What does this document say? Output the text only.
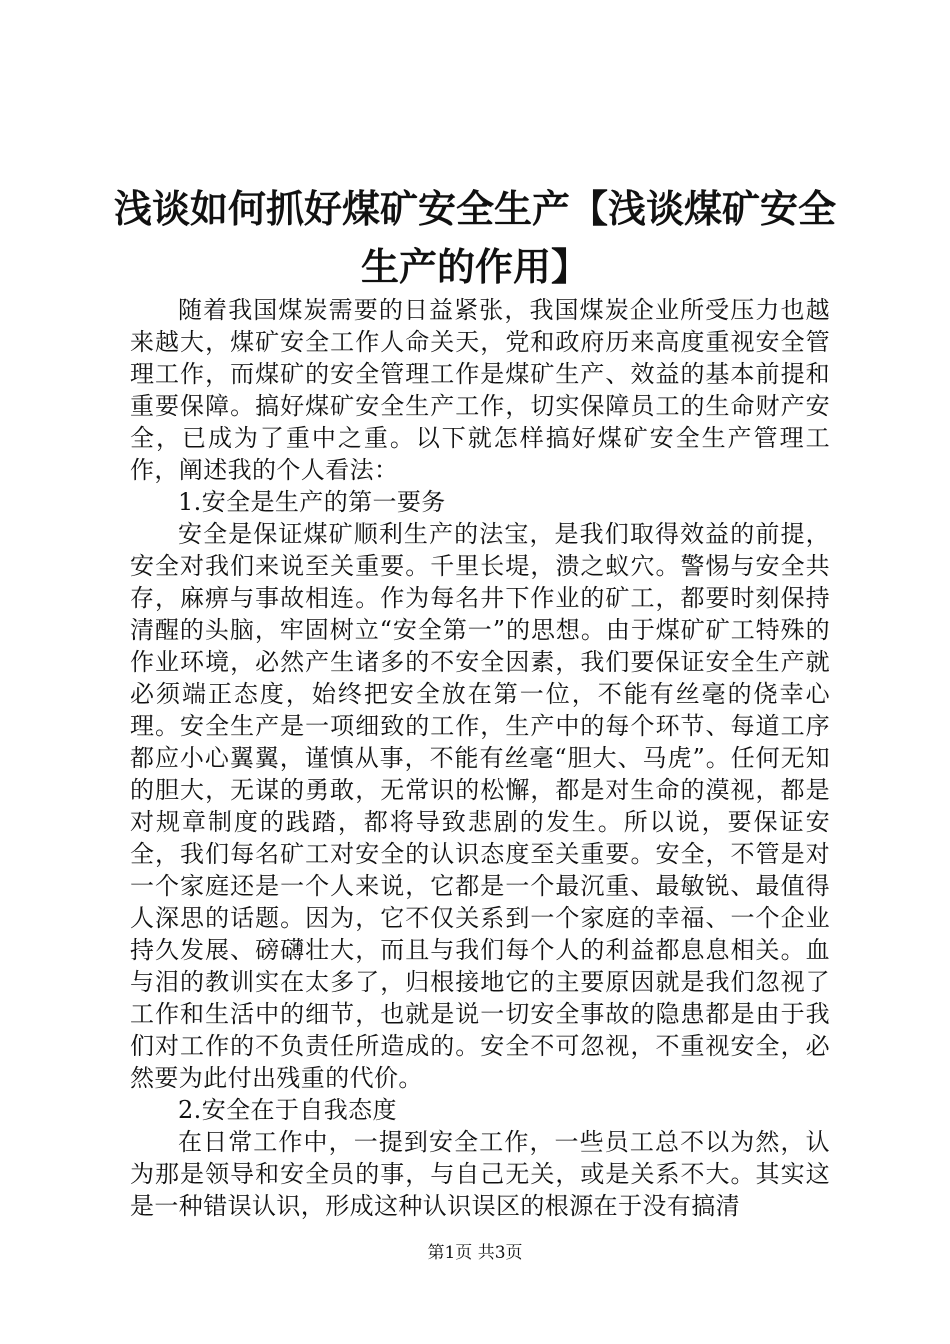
浅谈如何抓好煤矿安全生产【浅谈煤矿安全生产的作用】

随着我国煤炭需要的日益紧张，我国煤炭企业所受压力也越来越大，煤矿安全工作人命关天，党和政府历来高度重视安全管理工作，而煤矿的安全管理工作是煤矿生产、效益的基本前提和重要保障。搞好煤矿安全生产工作，切实保障员工的生命财产安全，已成为了重中之重。以下就怎样搞好煤矿安全生产管理工作，阐述我的个人看法：

1.安全是生产的第一要务

安全是保证煤矿顺利生产的法宝，是我们取得效益的前提，安全对我们来说至关重要。千里长堤，溃之蚁穴。警惕与安全共存，麻痹与事故相连。作为每名井下作业的矿工，都要时刻保持清醒的头脑，牢固树立“安全第一”的思想。由于煤矿矿工特殊的作业环境，必然产生诸多的不安全因素，我们要保证安全生产就必须端正态度，始终把安全放在第一位，不能有丝毫的侥幸心理。安全生产是一项细致的工作，生产中的每个环节、每道工序都应小心翼翼，谨慎从事，不能有丝毫“胆大、马虎”。任何无知的胆大，无谋的勇敢，无常识的松懈，都是对生命的漠视，都是对规章制度的践踏，都将导致悲剧的发生。所以说，要保证安全，我们每名矿工对安全的认识态度至关重要。安全，不管是对一个家庭还是一个人来说，它都是一个最沉重、最敏锐、最值得人深思的话题。因为，它不仅关系到一个家庭的幸福、一个企业持久发展、磅礴壮大，而且与我们每个人的利益都息息相关。血与泪的教训实在太多了，归根接地它的主要原因就是我们忽视了工作和生活中的细节，也就是说一切安全事故的隐患都是由于我们对工作的不负责任所造成的。安全不可忽视，不重视安全，必然要为此付出残重的代价。

2.安全在于自我态度

在日常工作中，一提到安全工作，一些员工总不以为然，认为那是领导和安全员的事，与自己无关，或是关系不大。其实这是一种错误认识，形成这种认识误区的根源在于没有搞清

第1页 共3页
